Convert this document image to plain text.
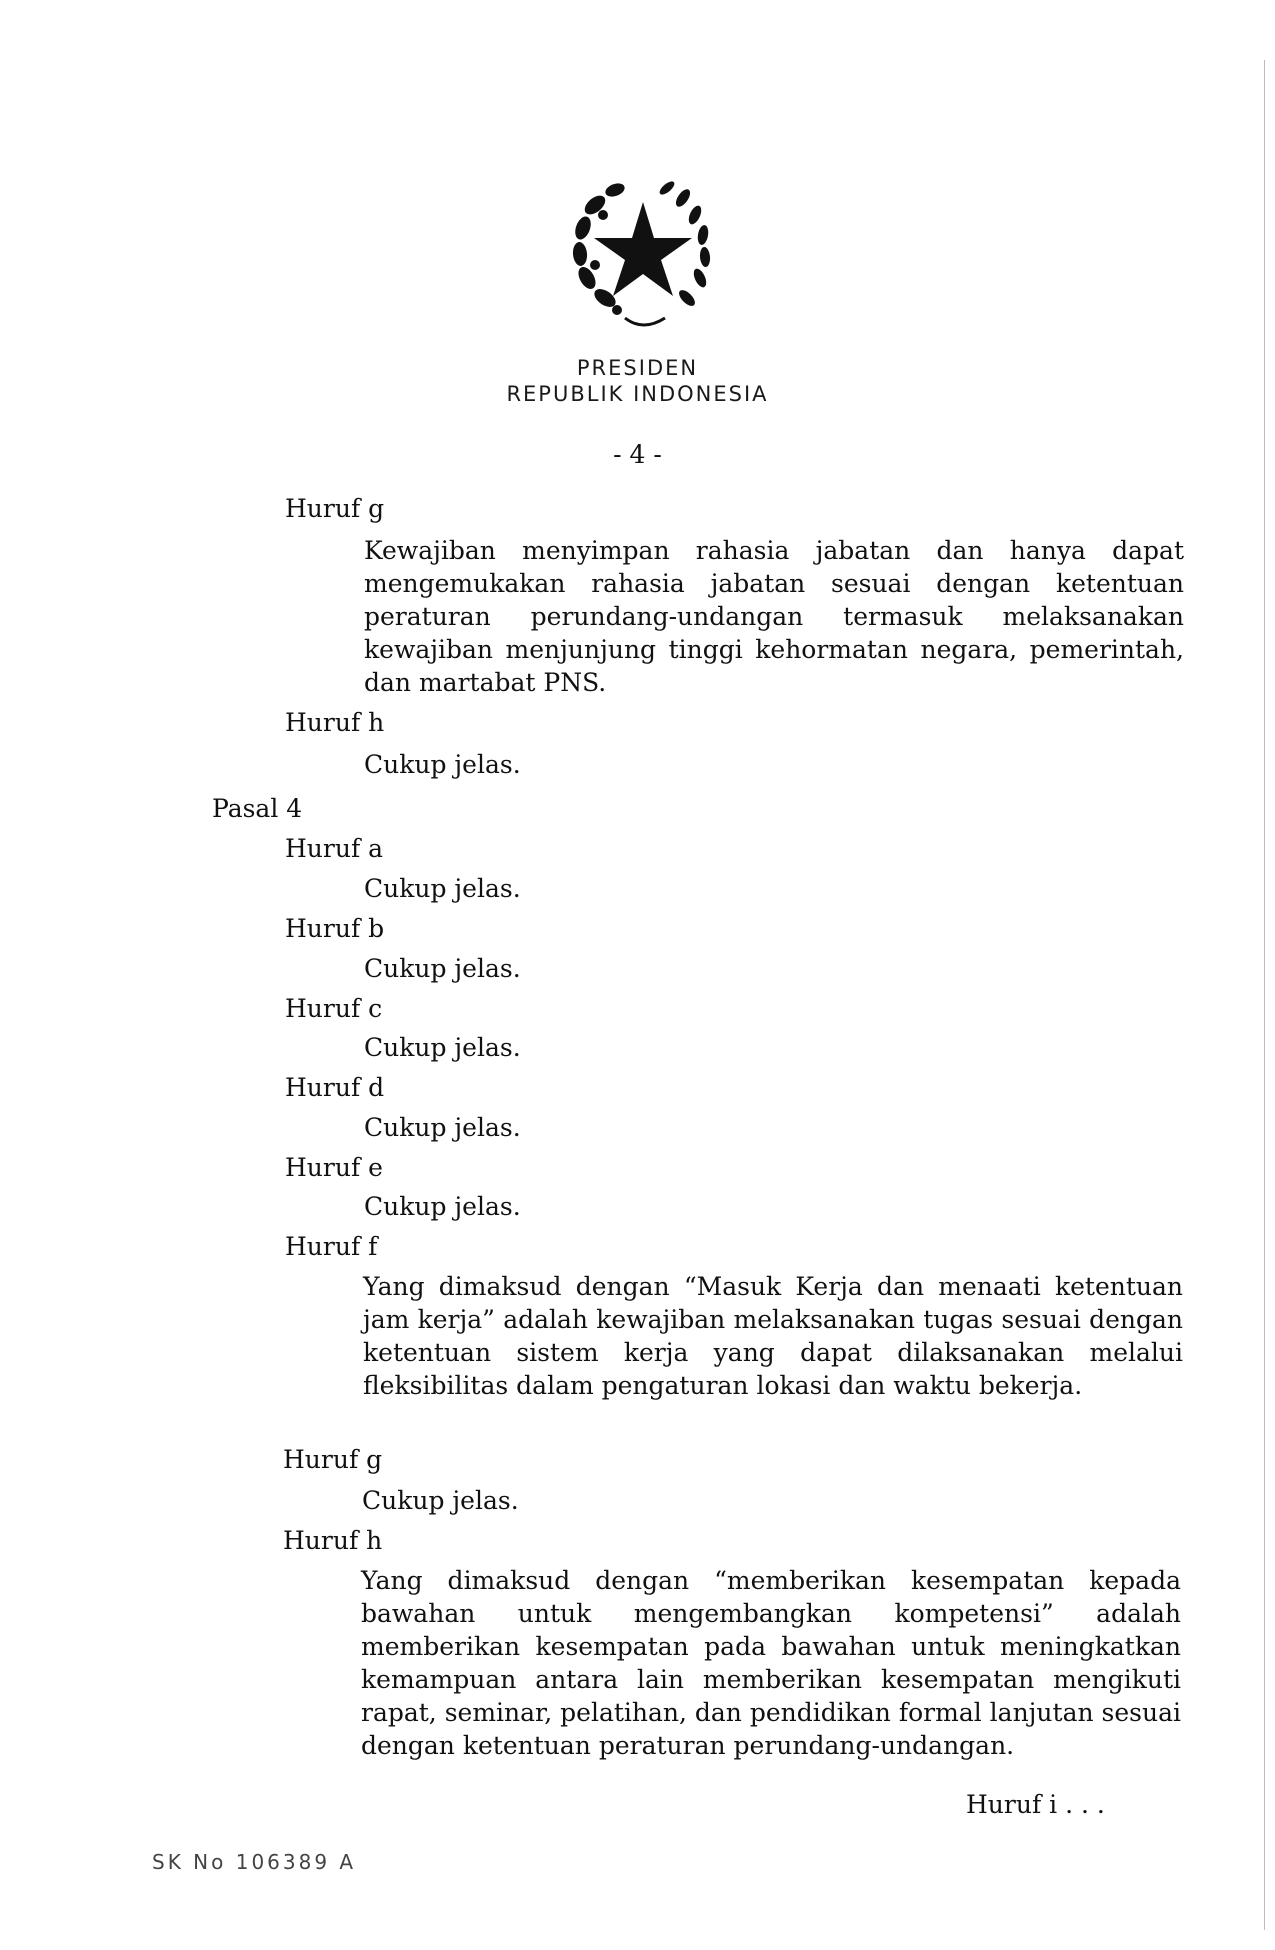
PRESIDEN
REPUBLIK INDONESIA
- 4 -
Huruf g

Kewajiban menyimpan rahasia jabatan dan hanya dapat mengemukakan rahasia jabatan sesuai dengan ketentuan peraturan perundang-undangan termasuk melaksanakan kewajiban menjunjung tinggi kehormatan negara, pemerintah, dan martabat PNS.

Huruf h
Cukup jelas.
Pasal 4
Huruf a
Cukup jelas.
Huruf b
Cukup jelas.
Huruf c
Cukup jelas.
Huruf d
Cukup jelas.
Huruf e
Cukup jelas.
Huruf f

Yang dimaksud dengan “Masuk Kerja dan menaati ketentuan jam kerja” adalah kewajiban melaksanakan tugas sesuai dengan ketentuan sistem kerja yang dapat dilaksanakan melalui fleksibilitas dalam pengaturan lokasi dan waktu bekerja.

Huruf g
Cukup jelas.
Huruf h

Yang dimaksud dengan “memberikan kesempatan kepada bawahan untuk mengembangkan kompetensi” adalah memberikan kesempatan pada bawahan untuk meningkatkan kemampuan antara lain memberikan kesempatan mengikuti rapat, seminar, pelatihan, dan pendidikan formal lanjutan sesuai dengan ketentuan peraturan perundang-undangan.

Huruf i . . .
SK No 106389 A
